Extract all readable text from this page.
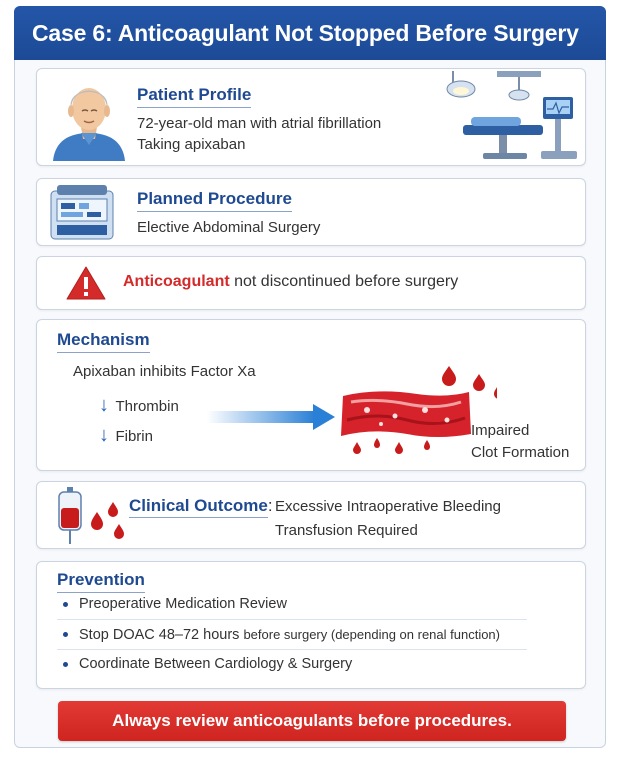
Case 6: Anticoagulant Not Stopped Before Surgery
Patient Profile
72-year-old man with atrial fibrillation
Taking apixaban
Planned Procedure
Elective Abdominal Surgery
Anticoagulant not discontinued before surgery
Mechanism
Apixaban inhibits Factor Xa
↓ Thrombin
↓ Fibrin	Impaired
Clot Formation
Clinical Outcome: Excessive Intraoperative Bleeding
Transfusion Required
Prevention
Preoperative Medication Review
Stop DOAC 48–72 hours before surgery (depending on renal function)
Coordinate Between Cardiology & Surgery
Always review anticoagulants before procedures.
